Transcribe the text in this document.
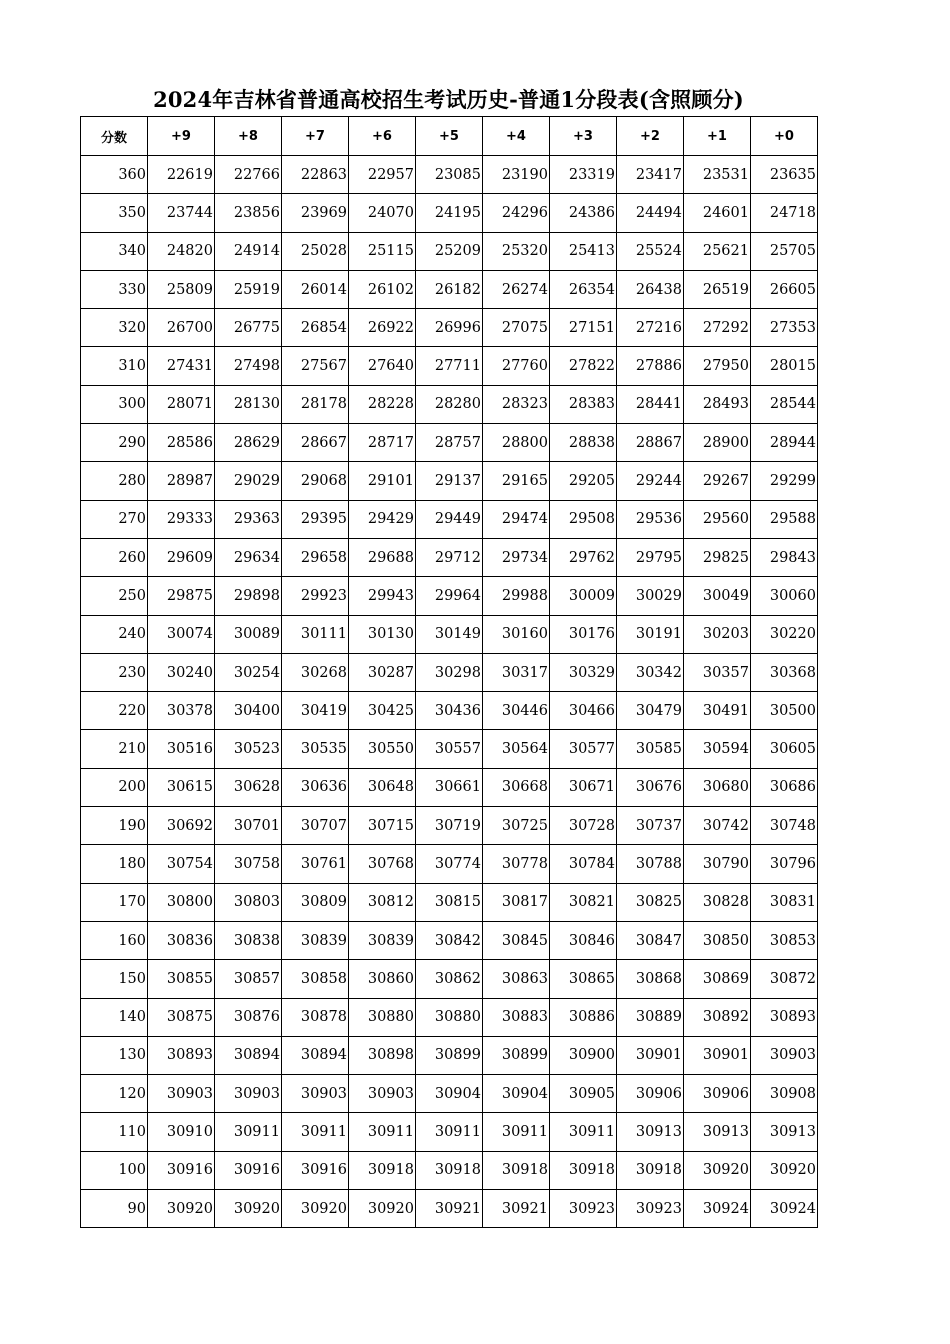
2024年吉林省普通高校招生考试历史-普通1分段表(含照顾分)
分数	+9	+8	+7	+6	+5	+4	+3	+2	+1	+0
360	22619	22766	22863	22957	23085	23190	23319	23417	23531	23635
350	23744	23856	23969	24070	24195	24296	24386	24494	24601	24718
340	24820	24914	25028	25115	25209	25320	25413	25524	25621	25705
330	25809	25919	26014	26102	26182	26274	26354	26438	26519	26605
320	26700	26775	26854	26922	26996	27075	27151	27216	27292	27353
310	27431	27498	27567	27640	27711	27760	27822	27886	27950	28015
300	28071	28130	28178	28228	28280	28323	28383	28441	28493	28544
290	28586	28629	28667	28717	28757	28800	28838	28867	28900	28944
280	28987	29029	29068	29101	29137	29165	29205	29244	29267	29299
270	29333	29363	29395	29429	29449	29474	29508	29536	29560	29588
260	29609	29634	29658	29688	29712	29734	29762	29795	29825	29843
250	29875	29898	29923	29943	29964	29988	30009	30029	30049	30060
240	30074	30089	30111	30130	30149	30160	30176	30191	30203	30220
230	30240	30254	30268	30287	30298	30317	30329	30342	30357	30368
220	30378	30400	30419	30425	30436	30446	30466	30479	30491	30500
210	30516	30523	30535	30550	30557	30564	30577	30585	30594	30605
200	30615	30628	30636	30648	30661	30668	30671	30676	30680	30686
190	30692	30701	30707	30715	30719	30725	30728	30737	30742	30748
180	30754	30758	30761	30768	30774	30778	30784	30788	30790	30796
170	30800	30803	30809	30812	30815	30817	30821	30825	30828	30831
160	30836	30838	30839	30839	30842	30845	30846	30847	30850	30853
150	30855	30857	30858	30860	30862	30863	30865	30868	30869	30872
140	30875	30876	30878	30880	30880	30883	30886	30889	30892	30893
130	30893	30894	30894	30898	30899	30899	30900	30901	30901	30903
120	30903	30903	30903	30903	30904	30904	30905	30906	30906	30908
110	30910	30911	30911	30911	30911	30911	30911	30913	30913	30913
100	30916	30916	30916	30918	30918	30918	30918	30918	30920	30920
90	30920	30920	30920	30920	30921	30921	30923	30923	30924	30924
